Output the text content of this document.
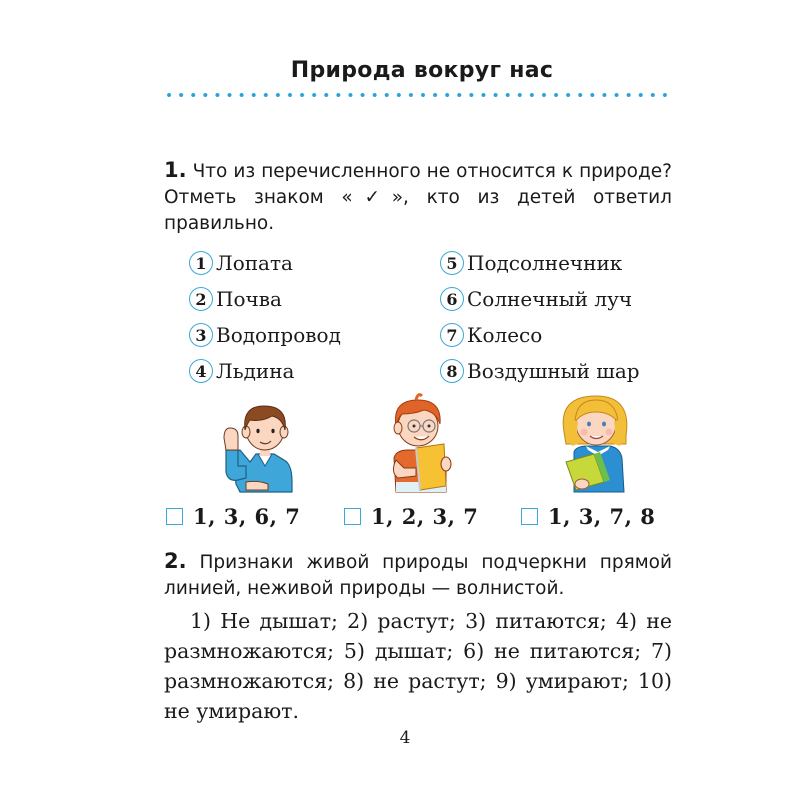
Природа вокруг нас
1. Что из перечисленного не относится к природе? Отметь знаком «✓», кто из детей ответил правильно.
1 Лопата
2 Почва
3 Водопровод
4 Льдина
5 Подсолнечник
6 Солнечный луч
7 Колесо
8 Воздушный шар
1, 3, 6, 7	1, 2, 3, 7	1, 3, 7, 8
2. Признаки живой природы подчеркни прямой линией, неживой природы — волнистой.
1) Не дышат; 2) растут; 3) питаются; 4) не размножаются; 5) дышат; 6) не питаются; 7) размножаются; 8) не растут; 9) умирают; 10) не умирают.
4
